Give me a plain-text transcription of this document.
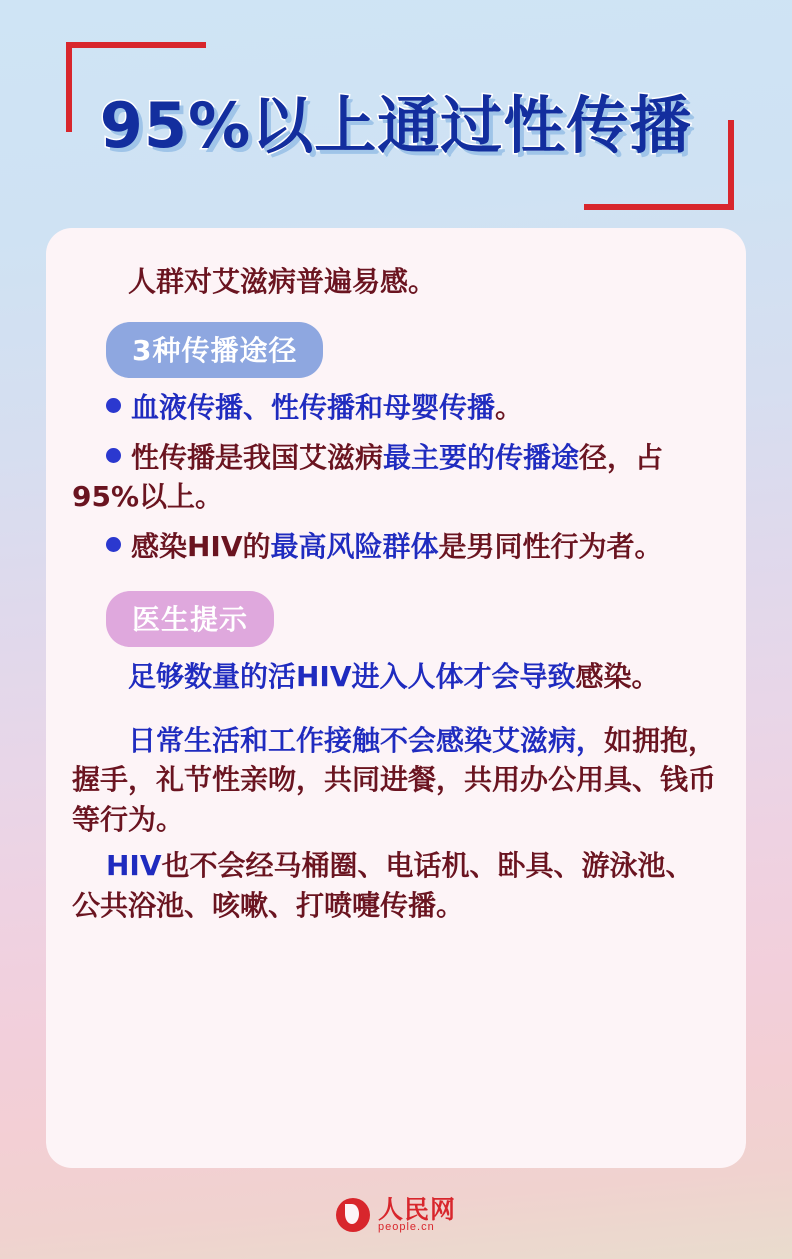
95%以上通过性传播

人群对艾滋病普遍易感。

3种传播途径

血液传播、性传播和母婴传播。

性传播是我国艾滋病最主要的传播途径，占95%以上。

感染HIV的最高风险群体是男同性行为者。

医生提示

足够数量的活HIV进入人体才会导致感染。

日常生活和工作接触不会感染艾滋病，如拥抱，握手，礼节性亲吻，共同进餐，共用办公用具、钱币等行为。

HIV也不会经马桶圈、电话机、卧具、游泳池、公共浴池、咳嗽、打喷嚏传播。

人民网
people.cn
